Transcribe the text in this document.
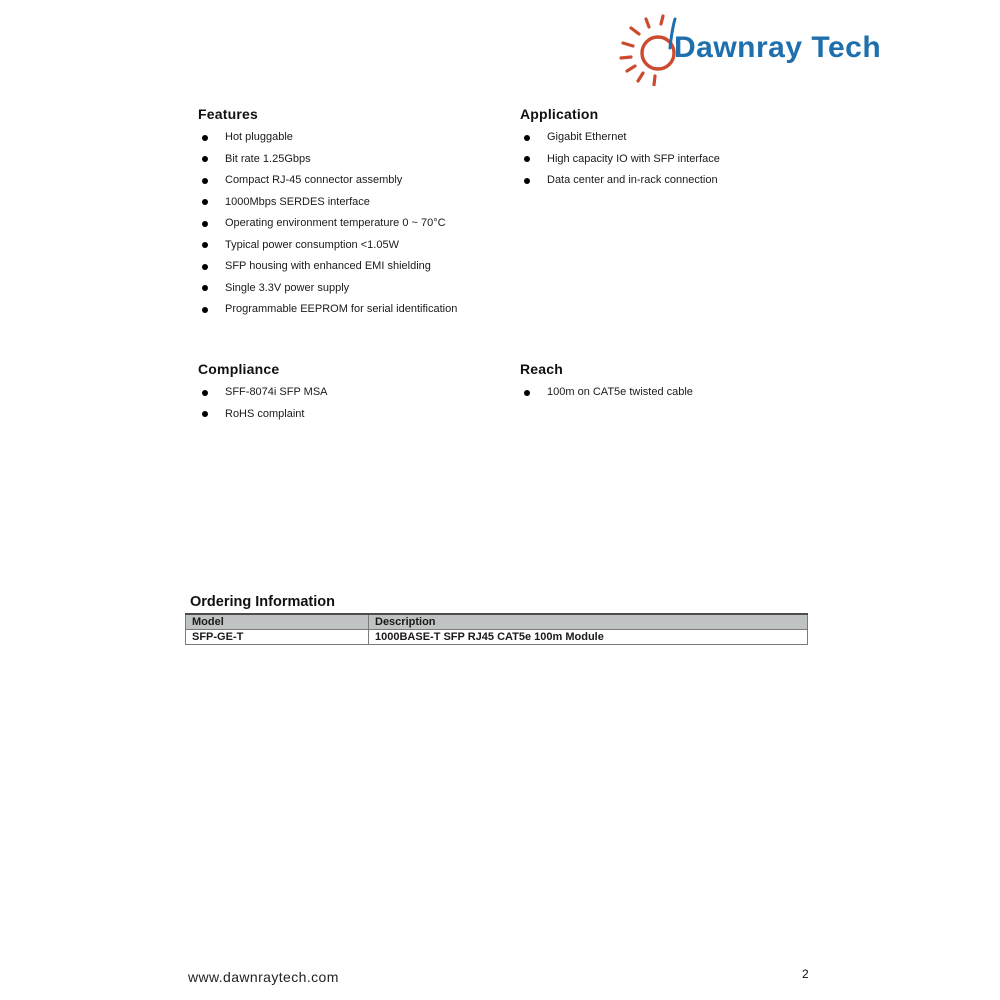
Dawnray Tech
Features
Hot pluggable
Bit rate 1.25Gbps
Compact RJ-45 connector assembly
1000Mbps SERDES interface
Operating environment temperature 0 ~ 70°C
Typical power consumption <1.05W
SFP housing with enhanced EMI shielding
Single 3.3V power supply
Programmable EEPROM for serial identification
Application
Gigabit Ethernet
High capacity IO with SFP interface
Data center and in-rack connection
Compliance
SFF-8074i SFP MSA
RoHS complaint
Reach
100m on CAT5e twisted cable
Ordering Information
Model	Description
SFP-GE-T	1000BASE-T SFP RJ45 CAT5e 100m Module
www.dawnraytech.com	2
